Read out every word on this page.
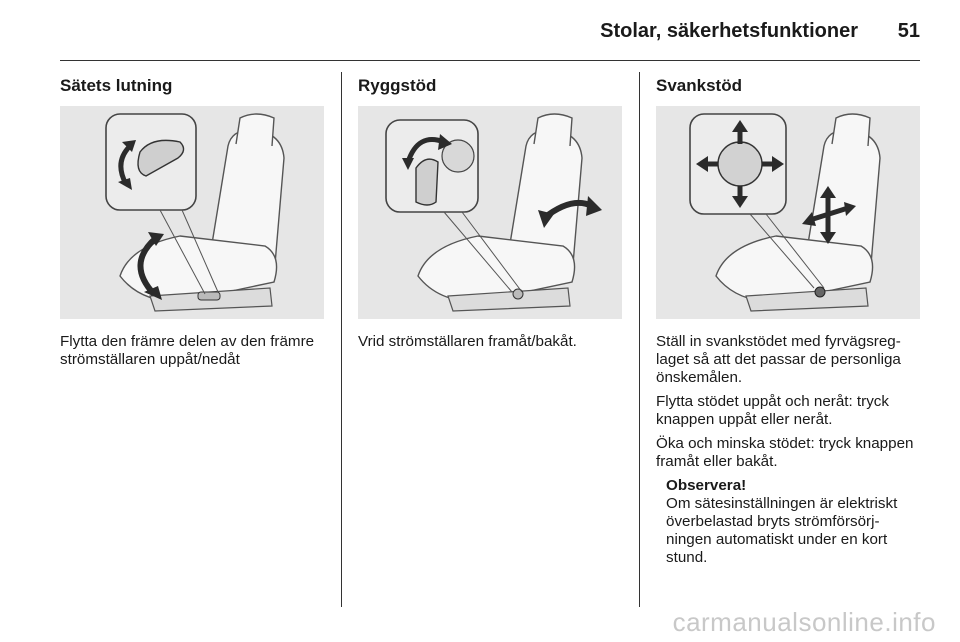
Stolar, säkerhetsfunktioner 51
Sätets lutning

Flytta den främre delen av den främre strömställaren uppåt/nedåt

Ryggstöd

Vrid strömställaren framåt/bakåt.

Svankstöd

Ställ in svankstödet med fyrvägsreglaget så att det passar de personliga önskemålen.

Flytta stödet uppåt och neråt: tryck knappen uppåt eller neråt.

Öka och minska stödet: tryck knappen framåt eller bakåt.

Observera!
Om sätesinställningen är elektriskt överbelastad bryts strömförsörjningen automatiskt under en kort stund.
carmanualsonline.info
